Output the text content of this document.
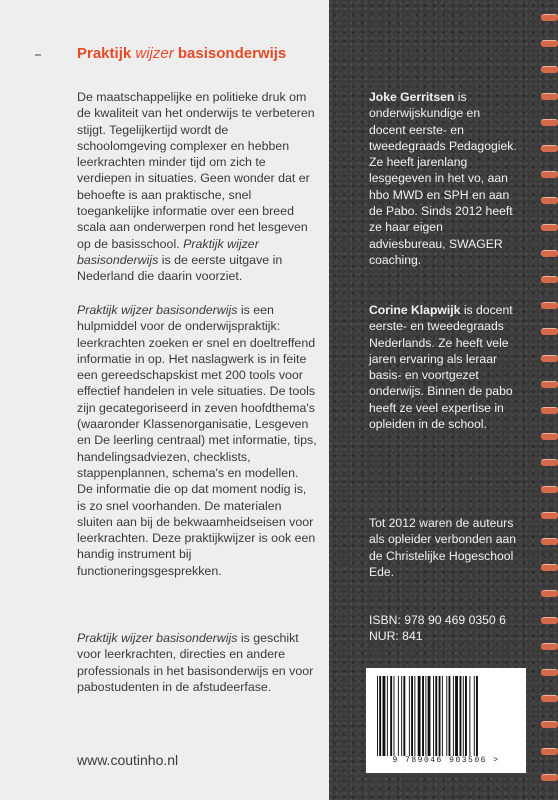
Praktijk wijzer basisonderwijs

De maatschappelijke en politieke druk om de kwaliteit van het onderwijs te verbeteren stijgt. Tegelijkertijd wordt de schoolomgeving complexer en hebben leerkrachten minder tijd om zich te verdiepen in situaties. Geen wonder dat er behoefte is aan praktische, snel toegankelijke informatie over een breed scala aan onderwerpen rond het lesgeven op de basisschool. Praktijk wijzer basisonderwijs is de eerste uitgave in Nederland die daarin voorziet.

Praktijk wijzer basisonderwijs is een hulpmiddel voor de onderwijspraktijk: leerkrachten zoeken er snel en doeltreffend informatie in op. Het naslagwerk is in feite een gereedschapskist met 200 tools voor effectief handelen in vele situaties. De tools zijn gecategoriseerd in zeven hoofdthema's (waaronder Klassenorganisatie, Lesgeven en De leerling centraal) met informatie, tips, handelingsadviezen, checklists, stappenplannen, schema's en modellen. De informatie die op dat moment nodig is, is zo snel voorhanden. De materialen sluiten aan bij de bekwaamheidseisen voor leerkrachten. Deze praktijkwijzer is ook een handig instrument bij functioneringsgesprekken.

Praktijk wijzer basisonderwijs is geschikt voor leerkrachten, directies en andere professionals in het basisonderwijs en voor pabostudenten in de afstudeerfase.

www.coutinho.nl

Joke Gerritsen is onderwijskundige en docent eerste- en tweedegraads Pedagogiek. Ze heeft jarenlang lesgegeven in het vo, aan hbo MWD en SPH en aan de Pabo. Sinds 2012 heeft ze haar eigen adviesbureau, SWAGER coaching.

Corine Klapwijk is docent eerste- en tweedegraads Nederlands. Ze heeft vele jaren ervaring als leraar basis- en voortgezet onderwijs. Binnen de pabo heeft ze veel expertise in opleiden in de school.

Tot 2012 waren de auteurs als opleider verbonden aan de Christelijke Hogeschool Ede.

ISBN: 978 90 469 0350 6
NUR: 841

9 789046 903506 >
